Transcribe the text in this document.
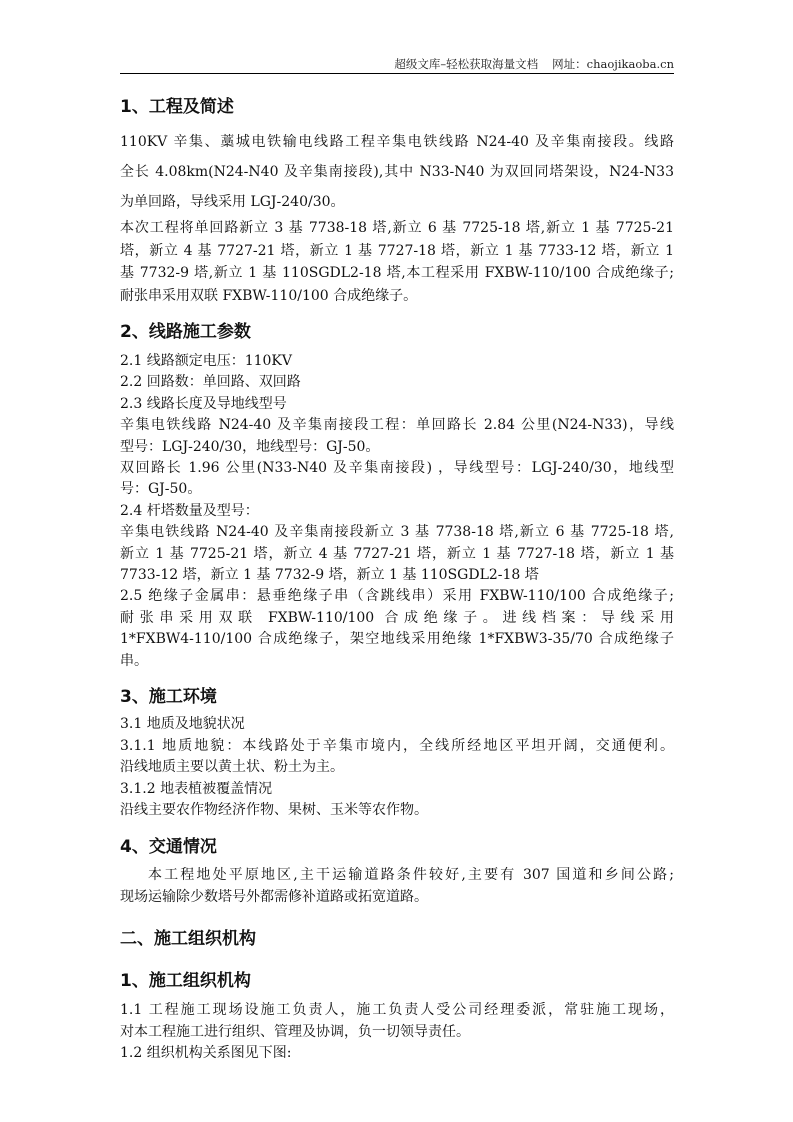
超级文库–轻松获取海量文档 网址：chaojikaoba.cn
1、工程及简述
110KV 辛集、藁城电铁输电线路工程辛集电铁线路 N24-40 及辛集南接段。线路
全长 4.08km(N24-N40 及辛集南接段),其中 N33-N40 为双回同塔架设，N24-N33
为单回路，导线采用 LGJ-240/30。
本次工程将单回路新立 3 基 7738-18 塔,新立 6 基 7725-18 塔,新立 1 基 7725-21
塔，新立 4 基 7727-21 塔，新立 1 基 7727-18 塔，新立 1 基 7733-12 塔，新立 1
基 7732-9 塔,新立 1 基 110SGDL2-18 塔,本工程采用 FXBW-110/100 合成绝缘子;
耐张串采用双联 FXBW-110/100 合成绝缘子。
2、线路施工参数
2.1 线路额定电压：110KV
2.2 回路数：单回路、双回路
2.3 线路长度及导地线型号
辛集电铁线路 N24-40 及辛集南接段工程：单回路长 2.84 公里(N24-N33)，导线
型号：LGJ-240/30，地线型号：GJ-50。
双回路长 1.96 公里(N33-N40 及辛集南接段) ，导线型号：LGJ-240/30，地线型
号：GJ-50。
2.4 杆塔数量及型号：
辛集电铁线路 N24-40 及辛集南接段新立 3 基 7738-18 塔,新立 6 基 7725-18 塔,
新立 1 基 7725-21 塔，新立 4 基 7727-21 塔，新立 1 基 7727-18 塔，新立 1 基
7733-12 塔，新立 1 基 7732-9 塔，新立 1 基 110SGDL2-18 塔
2.5 绝缘子金属串：悬垂绝缘子串（含跳线串）采用 FXBW-110/100 合成绝缘子;
耐张串采用双联 FXBW-110/100 合成绝缘子。进线档案：导线采用
1*FXBW4-110/100 合成绝缘子，架空地线采用绝缘 1*FXBW3-35/70 合成绝缘子
串。
3、施工环境
3.1 地质及地貌状况
3.1.1 地质地貌：本线路处于辛集市境内，全线所经地区平坦开阔，交通便利。
沿线地质主要以黄土状、粉土为主。
3.1.2 地表植被覆盖情况
沿线主要农作物经济作物、果树、玉米等农作物。
4、交通情况
本工程地处平原地区,主干运输道路条件较好,主要有 307 国道和乡间公路;
现场运输除少数塔号外都需修补道路或拓宽道路。
二、施工组织机构
1、施工组织机构
1.1 工程施工现场设施工负责人，施工负责人受公司经理委派，常驻施工现场，
对本工程施工进行组织、管理及协调，负一切领导责任。
1.2 组织机构关系图见下图:
